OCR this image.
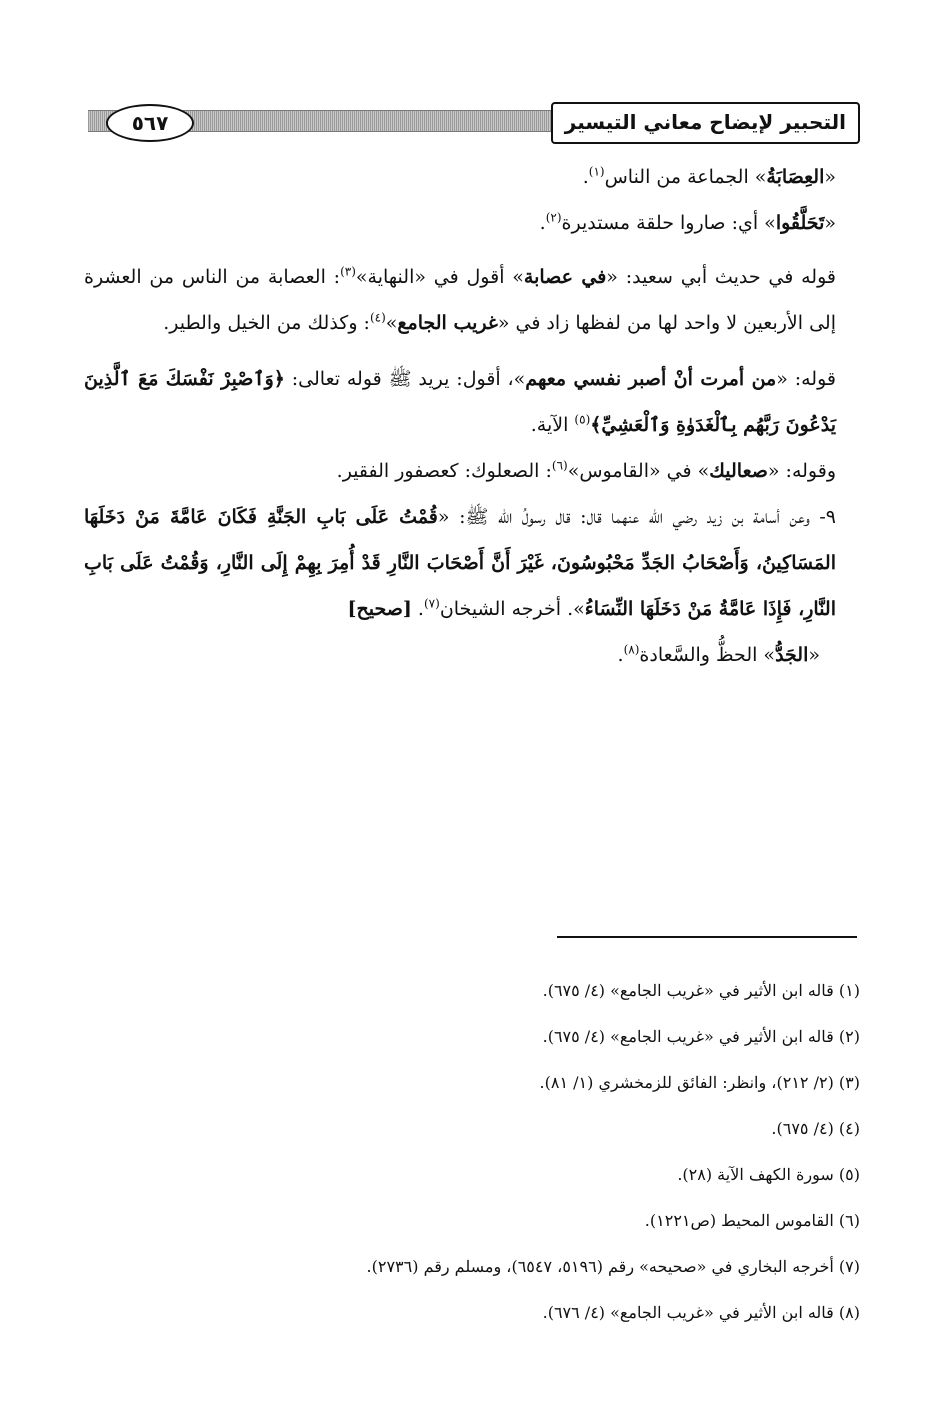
التحبير لإيضاح معاني التيسير
٥٦٧

«العِصَابَةُ» الجماعة من الناس$^{(١)}$.

«تَحَلَّقُوا» أي: صاروا حلقة مستديرة$^{(٢)}$.

قوله في حديث أبي سعيد: «في عصابة» أقول في «النهاية»$^{(٣)}$: العصابة من الناس من العشرة إلى الأربعين لا واحد لها من لفظها زاد في «غريب الجامع»$^{(٤)}$: وكذلك من الخيل والطير.

قوله: «من أمرت أنْ أصبر نفسي معهم»، أقول: يريد ﷺ قوله تعالى: ﴿وَٱصْبِرْ نَفْسَكَ مَعَ ٱلَّذِينَ يَدْعُونَ رَبَّهُم بِٱلْغَدَوٰةِ وَٱلْعَشِيِّ﴾$^{(٥)}$ الآية.

وقوله: «صعاليك» في «القاموس»$^{(٦)}$: الصعلوك: كعصفور الفقير.

٩- وعن أسامة بن زيد رضي الله عنهما قال: قال رسولُ الله ﷺ: «قُمْتُ عَلَى بَابِ الجَنَّةِ فَكَانَ عَامَّةَ مَنْ دَخَلَهَا المَسَاكِينُ، وَأَصْحَابُ الجَدِّ مَحْبُوسُونَ، غَيْرَ أَنَّ أَصْحَابَ النَّارِ قَدْ أُمِرَ بِهِمْ إِلَى النَّارِ، وَقُمْتُ عَلَى بَابِ النَّارِ، فَإِذَا عَامَّةُ مَنْ دَخَلَهَا النِّسَاءُ». أخرجه الشيخان$^{(٧)}$. [صحيح]

«الجَدُّ» الحظُّ والسَّعادة$^{(٨)}$.

(١) قاله ابن الأثير في «غريب الجامع» (٤/ ٦٧٥).

(٢) قاله ابن الأثير في «غريب الجامع» (٤/ ٦٧٥).

(٣) (٢/ ٢١٢)، وانظر: الفائق للزمخشري (١/ ٨١).

(٤) (٤/ ٦٧٥).

(٥) سورة الكهف الآية (٢٨).

(٦) القاموس المحيط (ص١٢٢١).

(٧) أخرجه البخاري في «صحيحه» رقم (٥١٩٦، ٦٥٤٧)، ومسلم رقم (٢٧٣٦).

(٨) قاله ابن الأثير في «غريب الجامع» (٤/ ٦٧٦).
